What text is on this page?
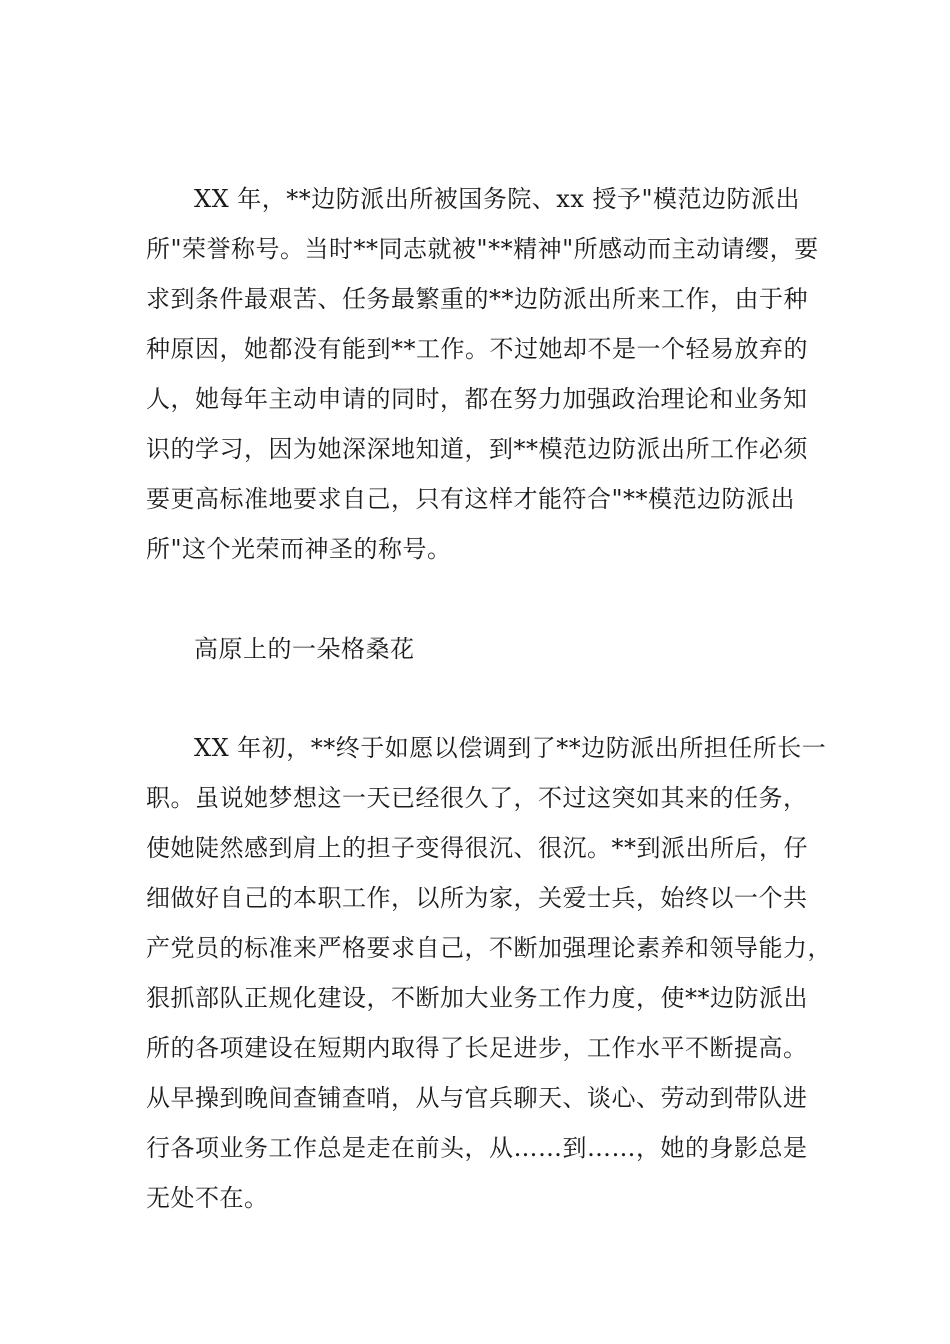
XX 年，**边防派出所被国务院、xx 授予"模范边防派出
所"荣誉称号。当时**同志就被"**精神"所感动而主动请缨，要
求到条件最艰苦、任务最繁重的**边防派出所来工作，由于种
种原因，她都没有能到**工作。不过她却不是一个轻易放弃的
人，她每年主动申请的同时，都在努力加强政治理论和业务知
识的学习，因为她深深地知道，到**模范边防派出所工作必须
要更高标准地要求自己，只有这样才能符合"**模范边防派出
所"这个光荣而神圣的称号。
高原上的一朵格桑花
XX 年初，**终于如愿以偿调到了**边防派出所担任所长一
职。虽说她梦想这一天已经很久了，不过这突如其来的任务，
使她陡然感到肩上的担子变得很沉、很沉。**到派出所后，仔
细做好自己的本职工作，以所为家，关爱士兵，始终以一个共
产党员的标准来严格要求自己，不断加强理论素养和领导能力，
狠抓部队正规化建设，不断加大业务工作力度，使**边防派出
所的各项建设在短期内取得了长足进步，工作水平不断提高。
从早操到晚间查铺查哨，从与官兵聊天、谈心、劳动到带队进
行各项业务工作总是走在前头，从……到……，她的身影总是
无处不在。
